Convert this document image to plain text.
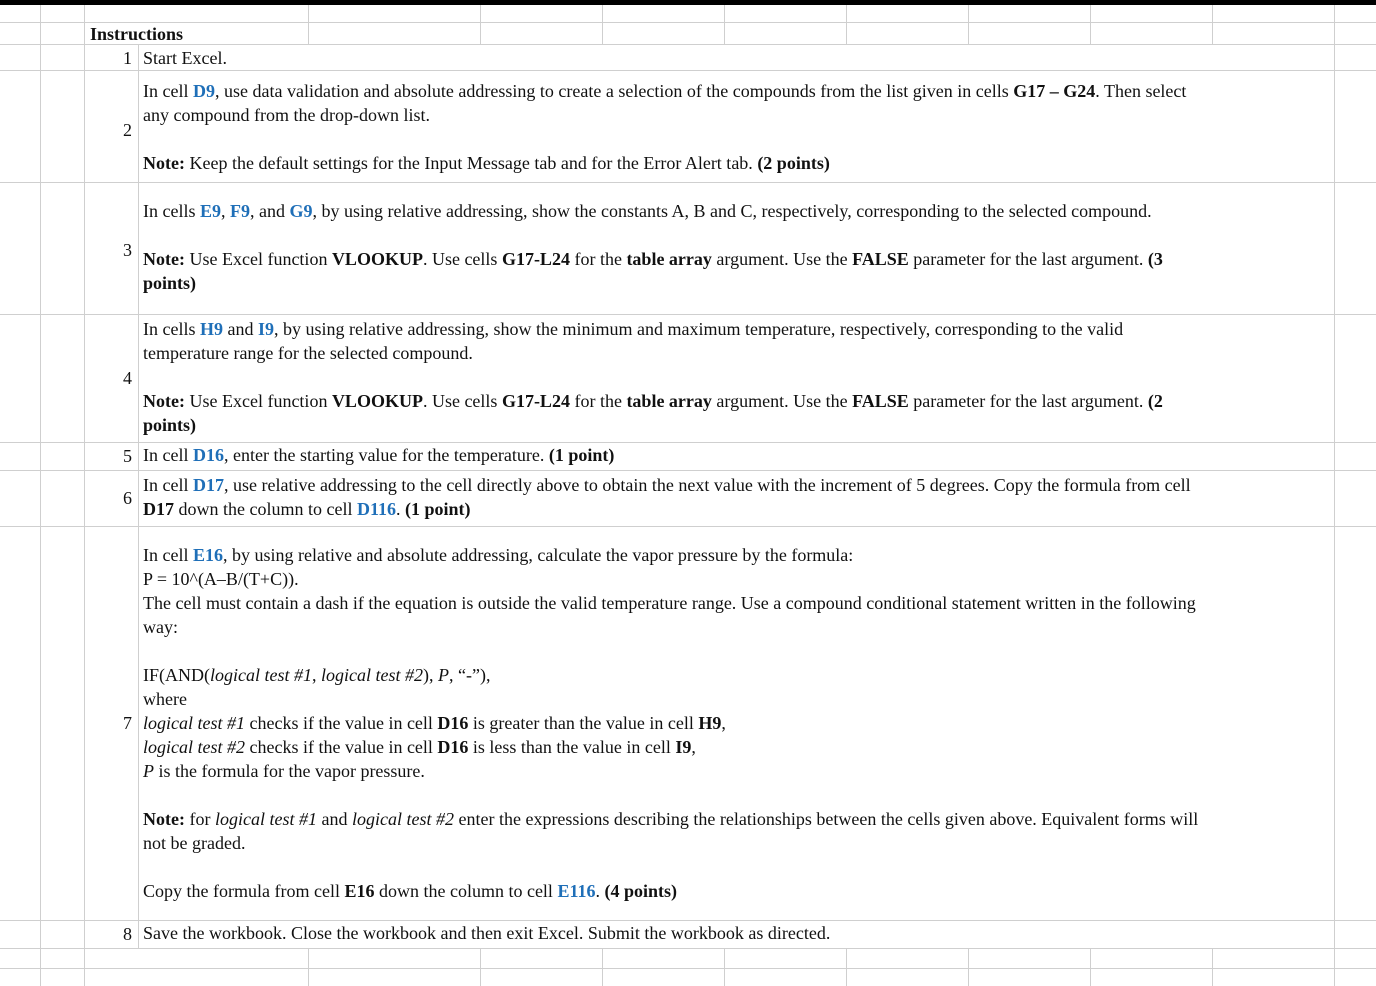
Instructions
1 Start Excel.
2
In cell D9, use data validation and absolute addressing to create a selection of the compounds from the list given in cells G17 – G24. Then select
any compound from the drop-down list.
Note: Keep the default settings for the Input Message tab and for the Error Alert tab. (2 points)
3
In cells E9, F9, and G9, by using relative addressing, show the constants A, B and C, respectively, corresponding to the selected compound.
Note: Use Excel function VLOOKUP. Use cells G17-L24 for the table array argument. Use the FALSE parameter for the last argument. (3
points)
4
In cells H9 and I9, by using relative addressing, show the minimum and maximum temperature, respectively, corresponding to the valid
temperature range for the selected compound.
Note: Use Excel function VLOOKUP. Use cells G17-L24 for the table array argument. Use the FALSE parameter for the last argument. (2
points)
5 In cell D16, enter the starting value for the temperature. (1 point)
6
In cell D17, use relative addressing to the cell directly above to obtain the next value with the increment of 5 degrees. Copy the formula from cell
D17 down the column to cell D116. (1 point)
7
In cell E16, by using relative and absolute addressing, calculate the vapor pressure by the formula:
P = 10^(A–B/(T+C)).
The cell must contain a dash if the equation is outside the valid temperature range. Use a compound conditional statement written in the following
way:
IF(AND(logical test #1, logical test #2), P, “-”),
where
logical test #1 checks if the value in cell D16 is greater than the value in cell H9,
logical test #2 checks if the value in cell D16 is less than the value in cell I9,
P is the formula for the vapor pressure.
Note: for logical test #1 and logical test #2 enter the expressions describing the relationships between the cells given above. Equivalent forms will
not be graded.
Copy the formula from cell E16 down the column to cell E116. (4 points)
8 Save the workbook. Close the workbook and then exit Excel. Submit the workbook as directed.
